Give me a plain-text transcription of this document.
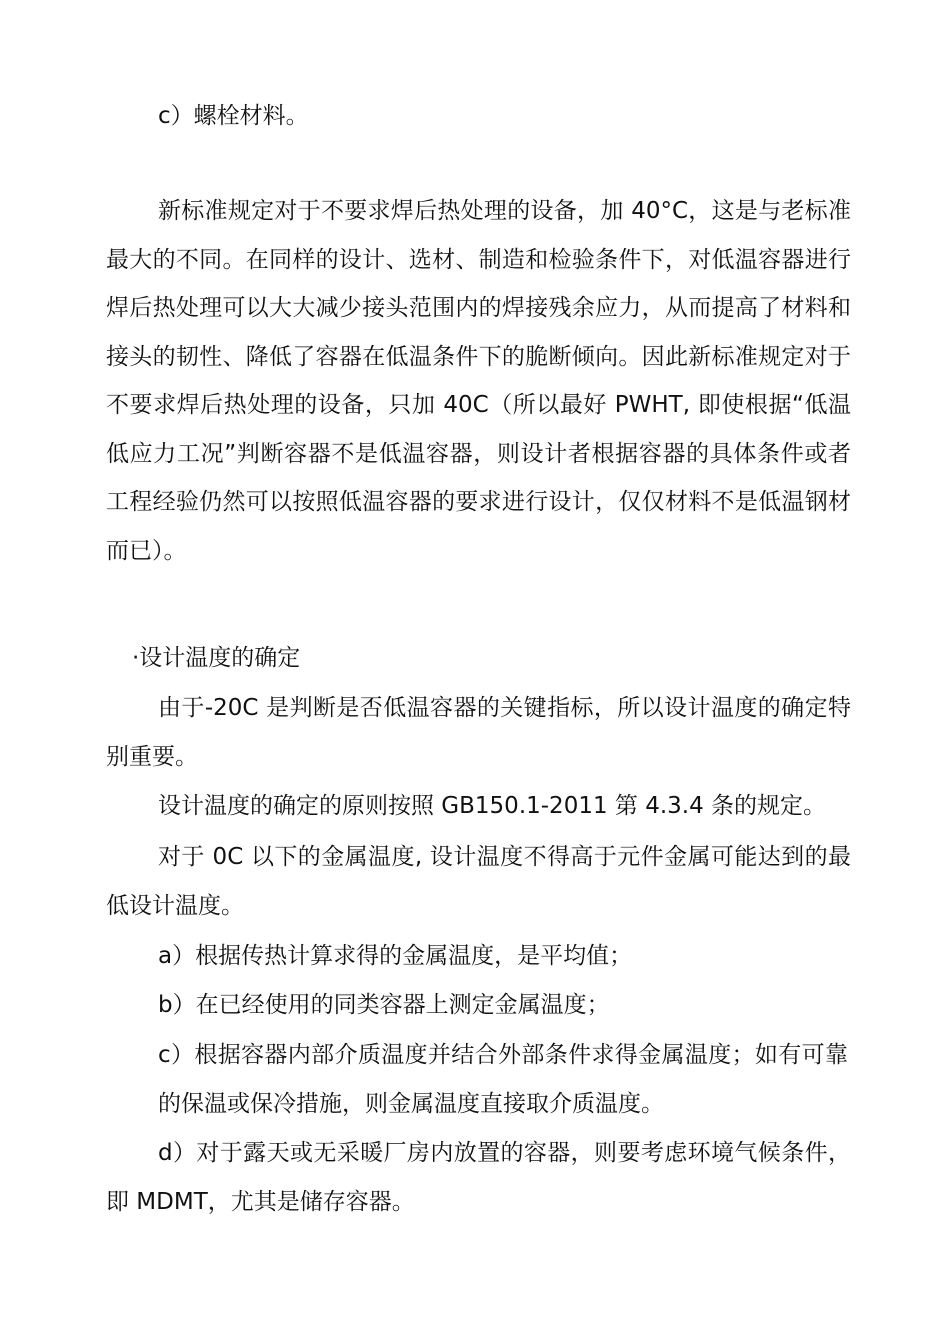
c）螺栓材料。

新标准规定对于不要求焊后热处理的设备，加 40°C，这是与老标准最大的不同。在同样的设计、选材、制造和检验条件下，对低温容器进行焊后热处理可以大大减少接头范围内的焊接残余应力，从而提高了材料和接头的韧性、降低了容器在低温条件下的脆断倾向。因此新标准规定对于不要求焊后热处理的设备，只加 40C（所以最好 PWHT, 即使根据“低温低应力工况”判断容器不是低温容器，则设计者根据容器的具体条件或者工程经验仍然可以按照低温容器的要求进行设计，仅仅材料不是低温钢材而已）。

·设计温度的确定

由于-20C 是判断是否低温容器的关键指标，所以设计温度的确定特别重要。

设计温度的确定的原则按照 GB150.1-2011 第 4.3.4 条的规定。

对于 0C 以下的金属温度, 设计温度不得高于元件金属可能达到的最低设计温度。

a）根据传热计算求得的金属温度，是平均值；

b）在已经使用的同类容器上测定金属温度；

c）根据容器内部介质温度并结合外部条件求得金属温度；如有可靠的保温或保冷措施，则金属温度直接取介质温度。

d）对于露天或无采暖厂房内放置的容器，则要考虑环境气候条件，即 MDMT，尤其是储存容器。
